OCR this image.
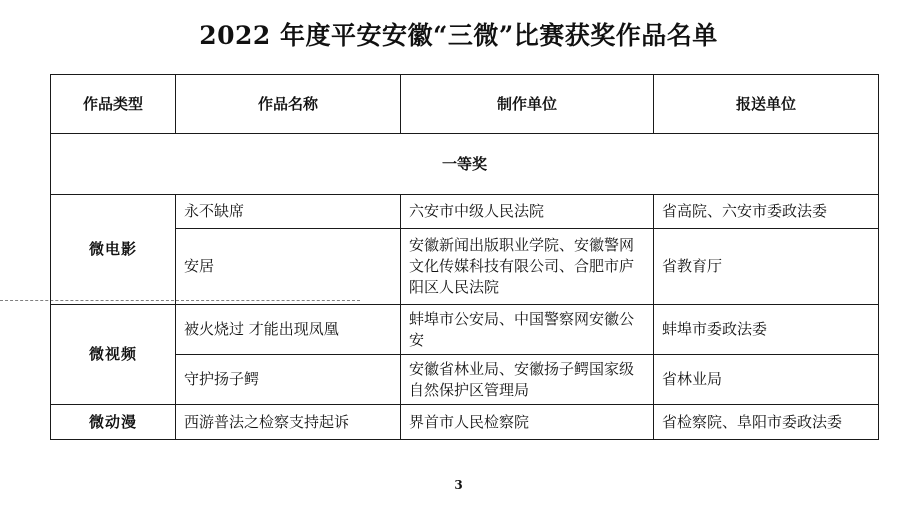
2022 年度平安安徽“三微”比赛获奖作品名单
作品类型	作品名称	制作单位	报送单位
一等奖			
微电影	永不缺席	六安市中级人民法院	省高院、六安市委政法委
	安居	安徽新闻出版职业学院、安徽警网文化传媒科技有限公司、合肥市庐阳区人民法院	省教育厅
微视频	被火烧过 才能出现凤凰	蚌埠市公安局、中国警察网安徽公安	蚌埠市委政法委
	守护扬子鳄	安徽省林业局、安徽扬子鳄国家级自然保护区管理局	省林业局
微动漫	西游普法之检察支持起诉	界首市人民检察院	省检察院、阜阳市委政法委
3
